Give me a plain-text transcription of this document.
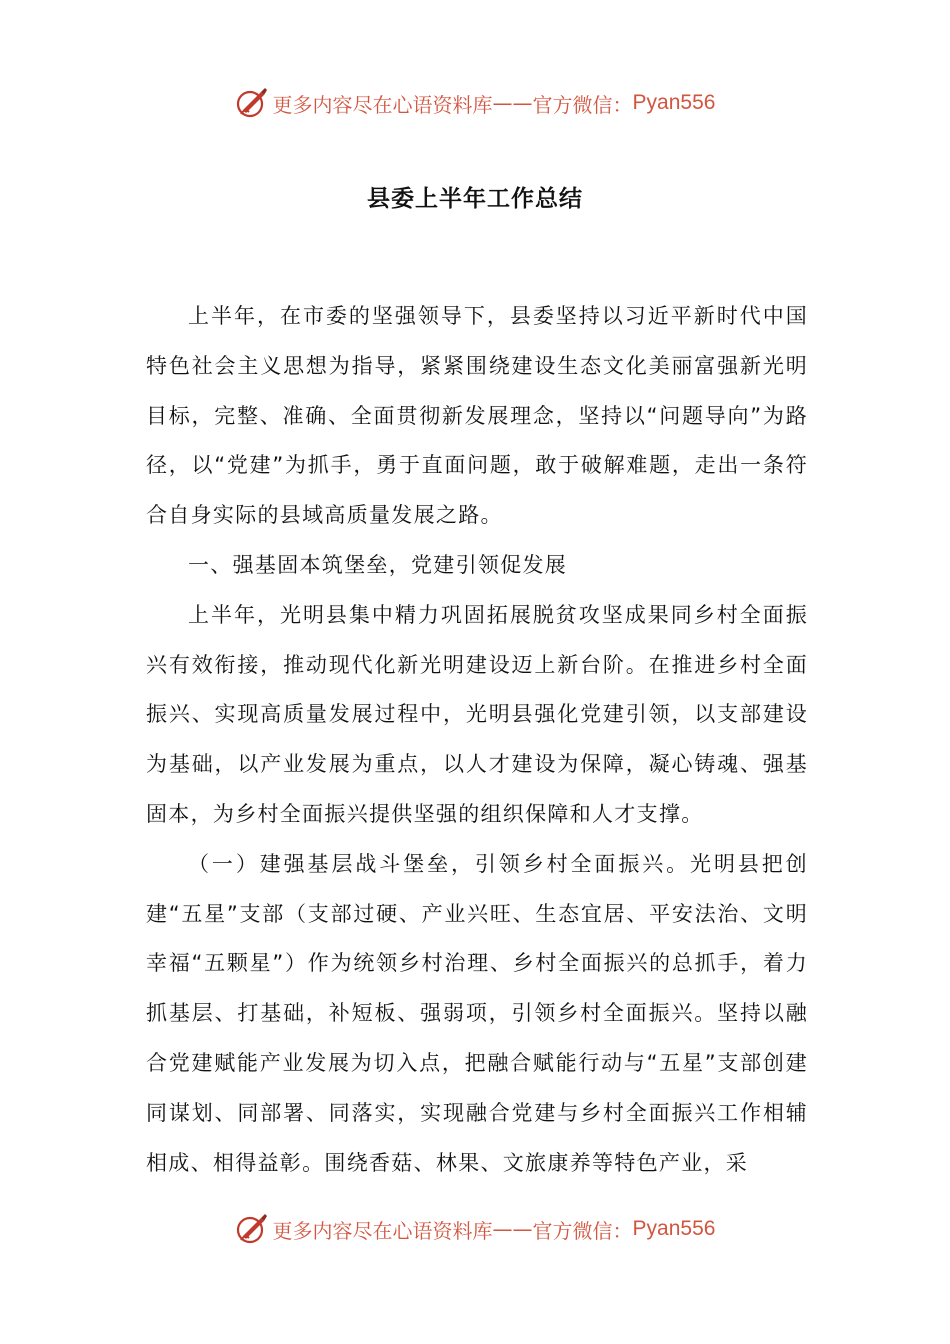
更多内容尽在心语资料库 —— 官方微信： Pyan556
县委上半年工作总结

上半年，在市委的坚强领导下，县委坚持以习近平新时代中国特色社会主义思想为指导，紧紧围绕建设生态文化美丽富强新光明目标，完整、准确、全面贯彻新发展理念，坚持以“问题导向”为路径，以“党建”为抓手，勇于直面问题，敢于破解难题，走出一条符合自身实际的县域高质量发展之路。

一、强基固本筑堡垒，党建引领促发展

上半年，光明县集中精力巩固拓展脱贫攻坚成果同乡村全面振兴有效衔接，推动现代化新光明建设迈上新台阶。在推进乡村全面振兴、实现高质量发展过程中，光明县强化党建引领，以支部建设为基础，以产业发展为重点，以人才建设为保障，凝心铸魂、强基固本，为乡村全面振兴提供坚强的组织保障和人才支撑。

（一）建强基层战斗堡垒，引领乡村全面振兴。光明县把创建“五星”支部（支部过硬、产业兴旺、生态宜居、平安法治、文明幸福“五颗星”）作为统领乡村治理、乡村全面振兴的总抓手，着力抓基层、打基础，补短板、强弱项，引领乡村全面振兴。坚持以融合党建赋能产业发展为切入点，把融合赋能行动与“五星”支部创建同谋划、同部署、同落实，实现融合党建与乡村全面振兴工作相辅相成、相得益彰。围绕香菇、林果、文旅康养等特色产业，采

更多内容尽在心语资料库 —— 官方微信： Pyan556
